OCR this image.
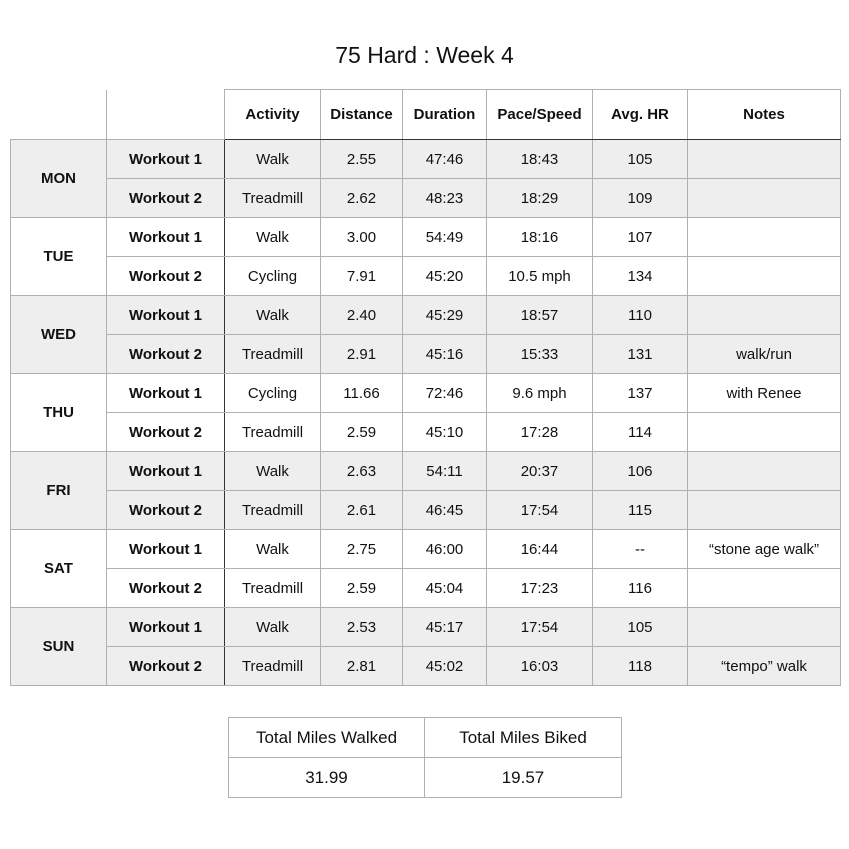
75 Hard : Week 4
		Activity	Distance	Duration	Pace/Speed	Avg. HR	Notes
MON	Workout 1	Walk	2.55	47:46	18:43	105	
	Workout 2	Treadmill	2.62	48:23	18:29	109	
TUE	Workout 1	Walk	3.00	54:49	18:16	107	
	Workout 2	Cycling	7.91	45:20	10.5 mph	134	
WED	Workout 1	Walk	2.40	45:29	18:57	110	
	Workout 2	Treadmill	2.91	45:16	15:33	131	walk/run
THU	Workout 1	Cycling	11.66	72:46	9.6 mph	137	with Renee
	Workout 2	Treadmill	2.59	45:10	17:28	114	
FRI	Workout 1	Walk	2.63	54:11	20:37	106	
	Workout 2	Treadmill	2.61	46:45	17:54	115	
SAT	Workout 1	Walk	2.75	46:00	16:44	--	“stone age walk”
	Workout 2	Treadmill	2.59	45:04	17:23	116	
SUN	Workout 1	Walk	2.53	45:17	17:54	105	
	Workout 2	Treadmill	2.81	45:02	16:03	118	“tempo” walk
Total Miles Walked	Total Miles Biked
31.99	19.57
